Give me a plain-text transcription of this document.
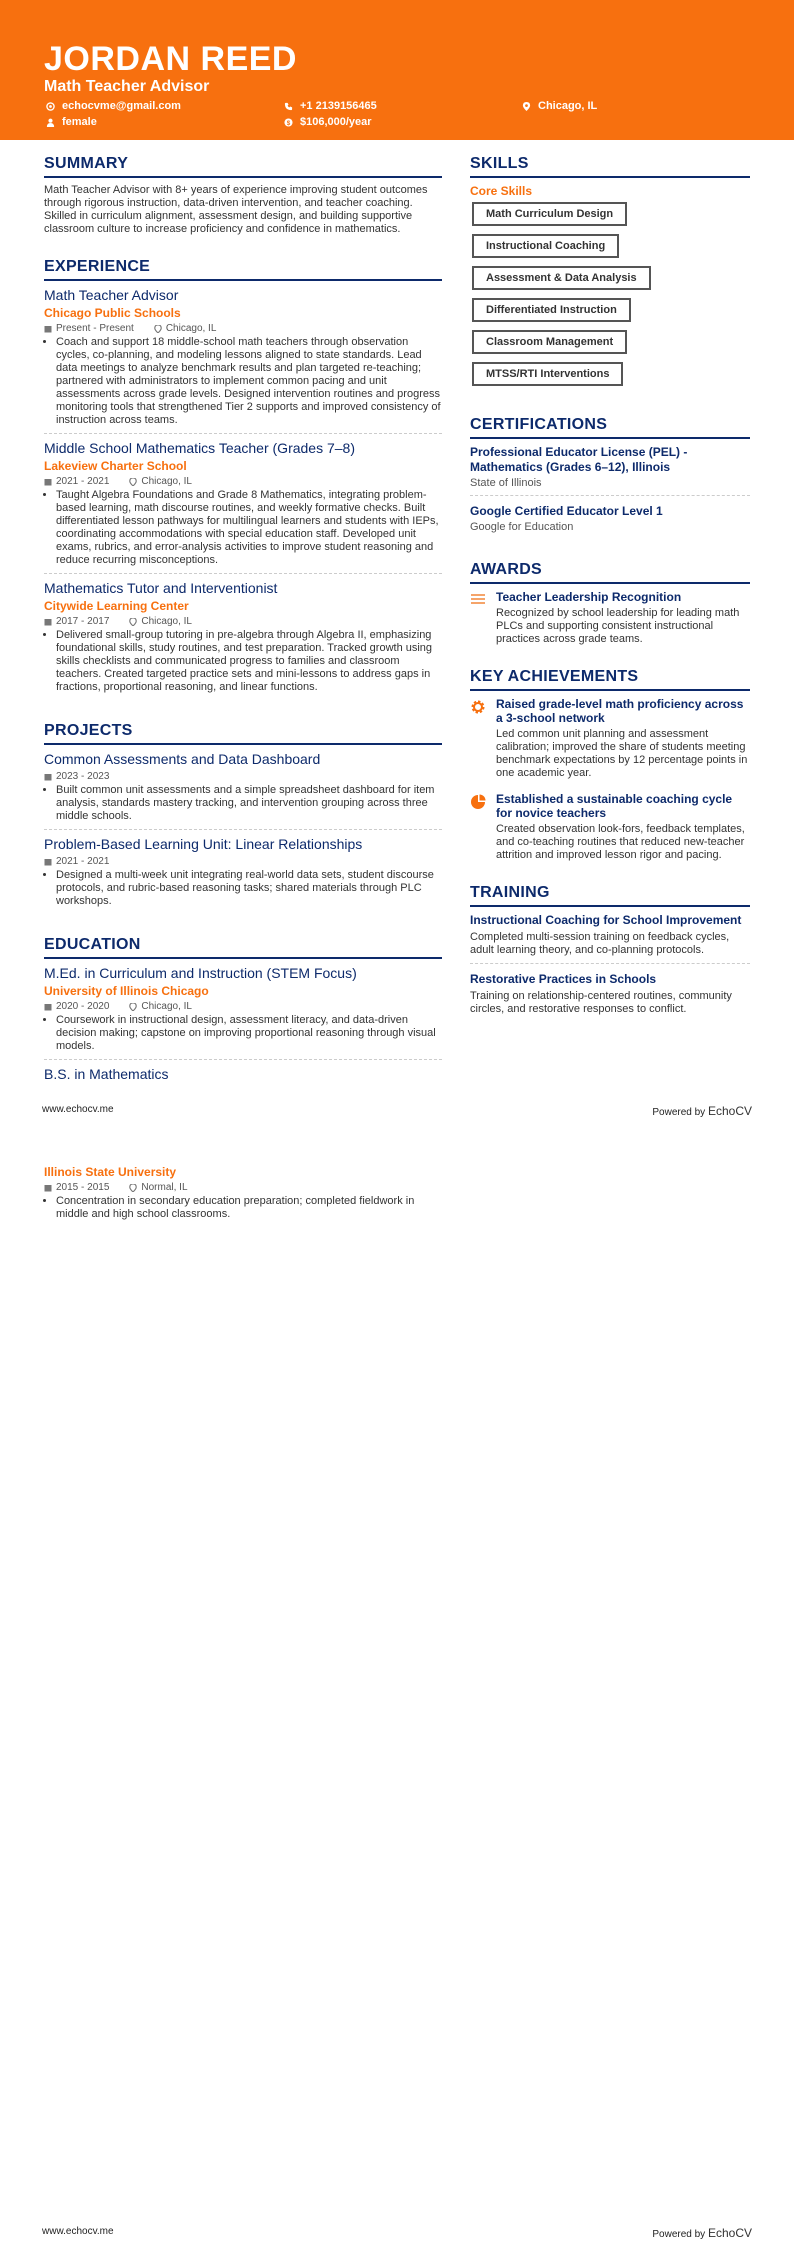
JORDAN REED
Math Teacher Advisor
echocvme@gmail.com	+1 2139156465	Chicago, IL
female	$ $106,000/year
SUMMARY
Math Teacher Advisor with 8+ years of experience improving student outcomes through rigorous instruction, data-driven intervention, and teacher coaching. Skilled in curriculum alignment, assessment design, and building supportive classroom culture to increase proficiency and confidence in mathematics.
EXPERIENCE
Math Teacher Advisor
Chicago Public Schools
Present - Present	Chicago, IL
• Coach and support 18 middle-school math teachers through observation cycles, co-planning, and modeling lessons aligned to state standards. Lead data meetings to analyze benchmark results and plan targeted re-teaching; partnered with administrators to implement common pacing and unit assessments across grade levels. Designed intervention routines and progress monitoring tools that strengthened Tier 2 supports and improved consistency of instruction across teams.
Middle School Mathematics Teacher (Grades 7–8)
Lakeview Charter School
2021 - 2021	Chicago, IL
• Taught Algebra Foundations and Grade 8 Mathematics, integrating problem-based learning, math discourse routines, and weekly formative checks. Built differentiated lesson pathways for multilingual learners and students with IEPs, coordinating accommodations with special education staff. Developed unit exams, rubrics, and error-analysis activities to improve student reasoning and reduce recurring misconceptions.
Mathematics Tutor and Interventionist
Citywide Learning Center
2017 - 2017	Chicago, IL
• Delivered small-group tutoring in pre-algebra through Algebra II, emphasizing foundational skills, study routines, and test preparation. Tracked growth using skills checklists and communicated progress to families and classroom teachers. Created targeted practice sets and mini-lessons to address gaps in fractions, proportional reasoning, and linear functions.
PROJECTS
Common Assessments and Data Dashboard
2023 - 2023
• Built common unit assessments and a simple spreadsheet dashboard for item analysis, standards mastery tracking, and intervention grouping across three middle schools.
Problem-Based Learning Unit: Linear Relationships
2021 - 2021
• Designed a multi-week unit integrating real-world data sets, student discourse protocols, and rubric-based reasoning tasks; shared materials through PLC workshops.
EDUCATION
M.Ed. in Curriculum and Instruction (STEM Focus)
University of Illinois Chicago
2020 - 2020	Chicago, IL
• Coursework in instructional design, assessment literacy, and data-driven decision making; capstone on improving proportional reasoning through visual models.
B.S. in Mathematics
SKILLS
Core Skills
Math Curriculum Design
Instructional Coaching
Assessment & Data Analysis
Differentiated Instruction
Classroom Management
MTSS/RTI Interventions
CERTIFICATIONS
Professional Educator License (PEL) - Mathematics (Grades 6–12), Illinois
State of Illinois
Google Certified Educator Level 1
Google for Education
AWARDS
Teacher Leadership Recognition
Recognized by school leadership for leading math PLCs and supporting consistent instructional practices across grade teams.
KEY ACHIEVEMENTS
Raised grade-level math proficiency across a 3-school network
Led common unit planning and assessment calibration; improved the share of students meeting benchmark expectations by 12 percentage points in one academic year.
Established a sustainable coaching cycle for novice teachers
Created observation look-fors, feedback templates, and co-teaching routines that reduced new-teacher attrition and improved lesson rigor and pacing.
TRAINING
Instructional Coaching for School Improvement
Completed multi-session training on feedback cycles, adult learning theory, and co-planning protocols.
Restorative Practices in Schools
Training on relationship-centered routines, community circles, and restorative responses to conflict.
www.echocv.me	Powered by EchoCV
Illinois State University
2015 - 2015	Normal, IL
• Concentration in secondary education preparation; completed fieldwork in middle and high school classrooms.
www.echocv.me	Powered by EchoCV
